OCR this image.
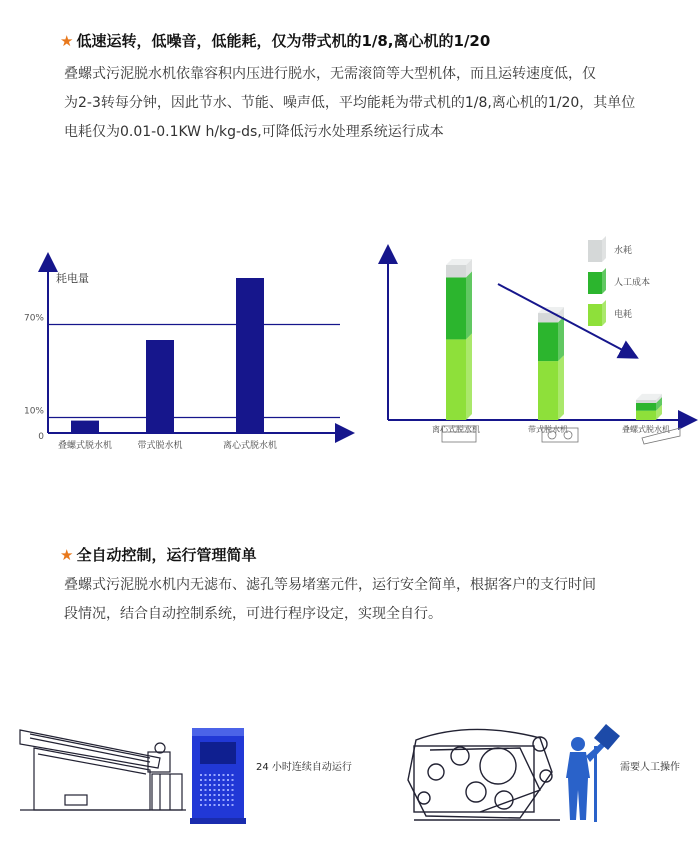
★ 低速运转，低噪音，低能耗，仅为带式机的1/8,离心机的1/20
叠螺式污泥脱水机依靠容积内压进行脱水，无需滚筒等大型机体，而且运转速度低，仅
为2-3转每分钟，因此节水、节能、噪声低，平均能耗为带式机的1/8,离心机的1/20，其单位
电耗仅为0.01-0.1KW h/kg-ds,可降低污水处理系统运行成本
耗电量
70%
10%
0
叠螺式脱水机	带式脱水机	离心式脱水机
水耗
人工成本
电耗
离心式脱水机	带式脱水机	叠螺式脱水机
★ 全自动控制，运行管理简单
叠螺式污泥脱水机内无滤布、滤孔等易堵塞元件，运行安全简单，根据客户的支行时间
段情况，结合自动控制系统，可进行程序设定，实现全自行。
24 小时连续自动运行	需要人工操作
